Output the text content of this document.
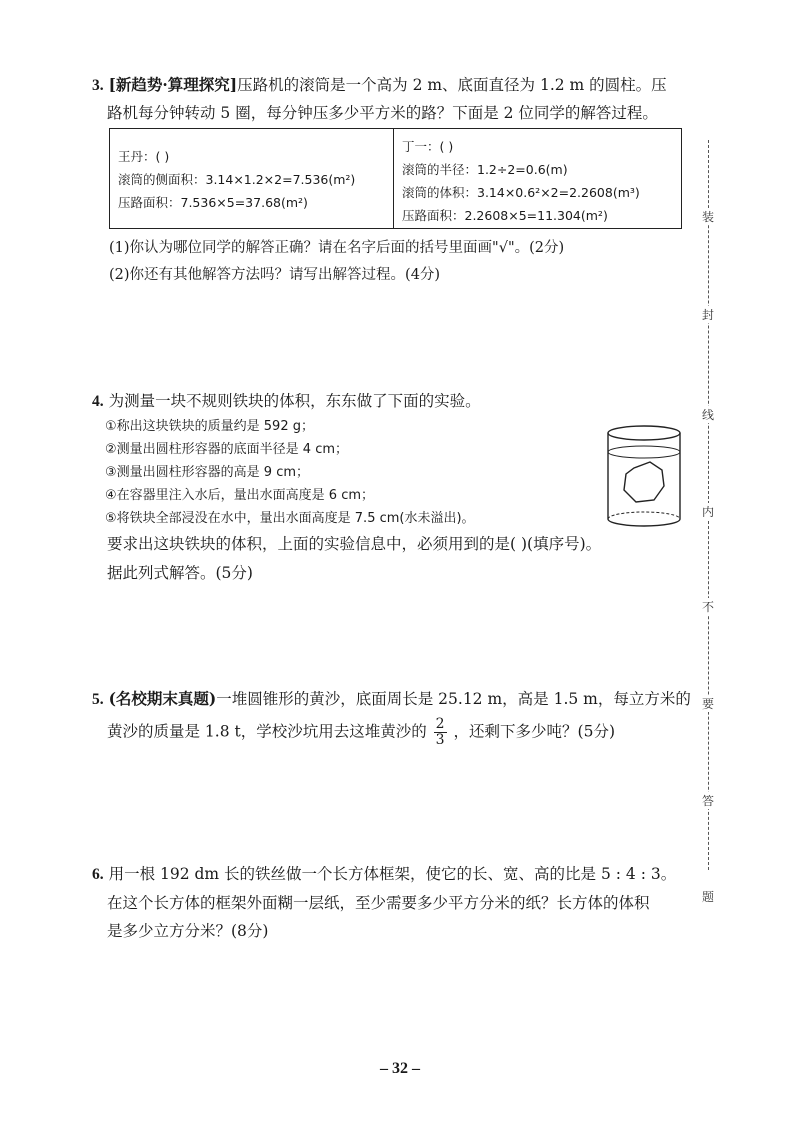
3. [新趋势·算理探究]压路机的滚筒是一个高为 2 m、底面直径为 1.2 m 的圆柱。压
路机每分钟转动 5 圈，每分钟压多少平方米的路？下面是 2 位同学的解答过程。
王丹：( )
滚筒的侧面积：3.14×1.2×2=7.536(m²)
压路面积：7.536×5=37.68(m²)
丁一：( )
滚筒的半径：1.2÷2=0.6(m)
滚筒的体积：3.14×0.6²×2=2.2608(m³)
压路面积：2.2608×5=11.304(m²)
(1)你认为哪位同学的解答正确？请在名字后面的括号里面画"√"。(2分)
(2)你还有其他解答方法吗？请写出解答过程。(4分)
4. 为测量一块不规则铁块的体积，东东做了下面的实验。
①称出这块铁块的质量约是 592 g；
②测量出圆柱形容器的底面半径是 4 cm；
③测量出圆柱形容器的高是 9 cm；
④在容器里注入水后，量出水面高度是 6 cm；
⑤将铁块全部浸没在水中，量出水面高度是 7.5 cm(水未溢出)。
要求出这块铁块的体积，上面的实验信息中，必须用到的是( )(填序号)。
据此列式解答。(5分)
5. (名校期末真题)一堆圆锥形的黄沙，底面周长是 25.12 m，高是 1.5 m，每立方米的
黄沙的质量是 1.8 t，学校沙坑用去这堆黄沙的 $\frac{2}{3}$ ，还剩下多少吨？(5分)
6. 用一根 192 dm 长的铁丝做一个长方体框架，使它的长、宽、高的比是 5 : 4 : 3。
在这个长方体的框架外面糊一层纸，至少需要多少平方分米的纸？长方体的体积
是多少立方分米？(8分)
装
封
线
内
不
要
答
题
– 32 –
